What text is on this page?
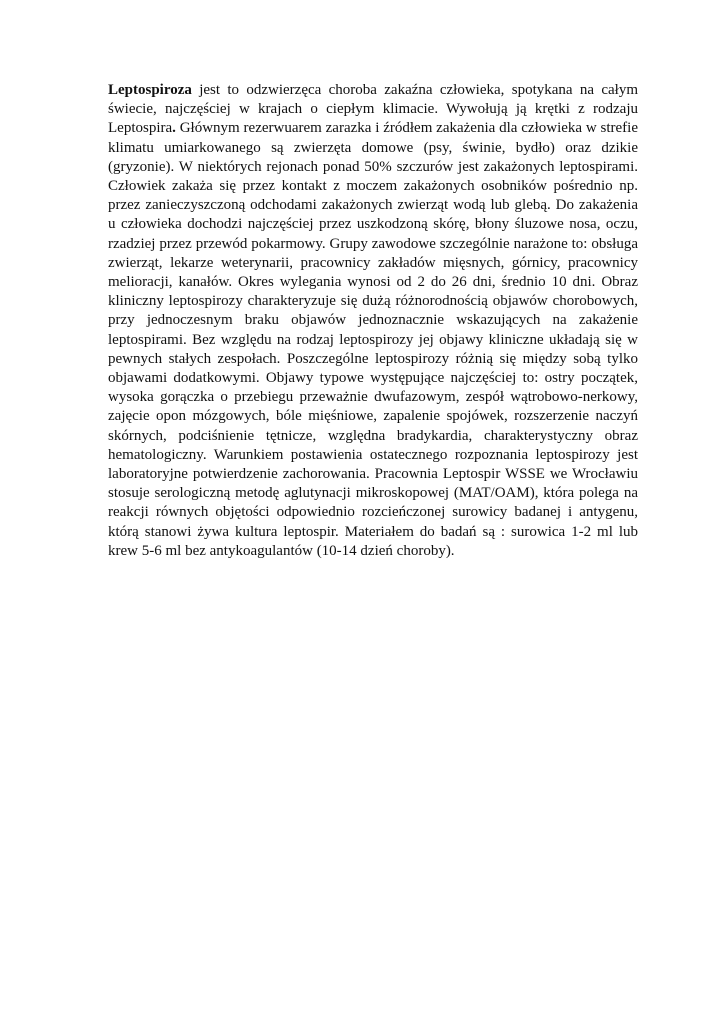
Leptospiroza jest to odzwierzęca choroba zakaźna człowieka, spotykana na całym świecie, najczęściej w krajach o ciepłym klimacie. Wywołują ją krętki z rodzaju Leptospira. Głównym rezerwuarem zarazka i źródłem zakażenia dla człowieka w strefie klimatu umiarkowanego są zwierzęta domowe (psy, świnie, bydło) oraz dzikie (gryzonie). W niektórych rejonach ponad 50% szczurów jest zakażonych leptospirami. Człowiek zakaża się przez kontakt z moczem zakażonych osobników pośrednio np. przez zanieczyszczoną odchodami zakażonych zwierząt wodą lub glebą. Do zakażenia u człowieka dochodzi najczęściej przez uszkodzoną skórę, błony śluzowe nosa, oczu, rzadziej przez przewód pokarmowy. Grupy zawodowe szczególnie narażone to: obsługa zwierząt, lekarze weterynarii, pracownicy zakładów mięsnych, górnicy, pracownicy melioracji, kanałów. Okres wylegania wynosi od 2 do 26 dni, średnio 10 dni. Obraz kliniczny leptospirozy charakteryzuje się dużą różnorodnością objawów chorobowych, przy jednoczesnym braku objawów jednoznacznie wskazujących na zakażenie leptospirami. Bez względu na rodzaj leptospirozy jej objawy kliniczne układają się w pewnych stałych zespołach. Poszczególne leptospirozy różnią się między sobą tylko objawami dodatkowymi. Objawy typowe występujące najczęściej to: ostry początek, wysoka gorączka o przebiegu przeważnie dwufazowym, zespół wątrobowo-nerkowy, zajęcie opon mózgowych, bóle mięśniowe, zapalenie spojówek, rozszerzenie naczyń skórnych, podciśnienie tętnicze, względna bradykardia, charakterystyczny obraz hematologiczny. Warunkiem postawienia ostatecznego rozpoznania leptospirozy jest laboratoryjne potwierdzenie zachorowania. Pracownia Leptospir WSSE we Wrocławiu stosuje serologiczną metodę aglutynacji mikroskopowej (MAT/OAM), która polega na reakcji równych objętości odpowiednio rozcieńczonej surowicy badanej i antygenu, którą stanowi żywa kultura leptospir. Materiałem do badań są : surowica 1-2 ml lub krew 5-6 ml bez antykoagulantów (10-14 dzień choroby).
